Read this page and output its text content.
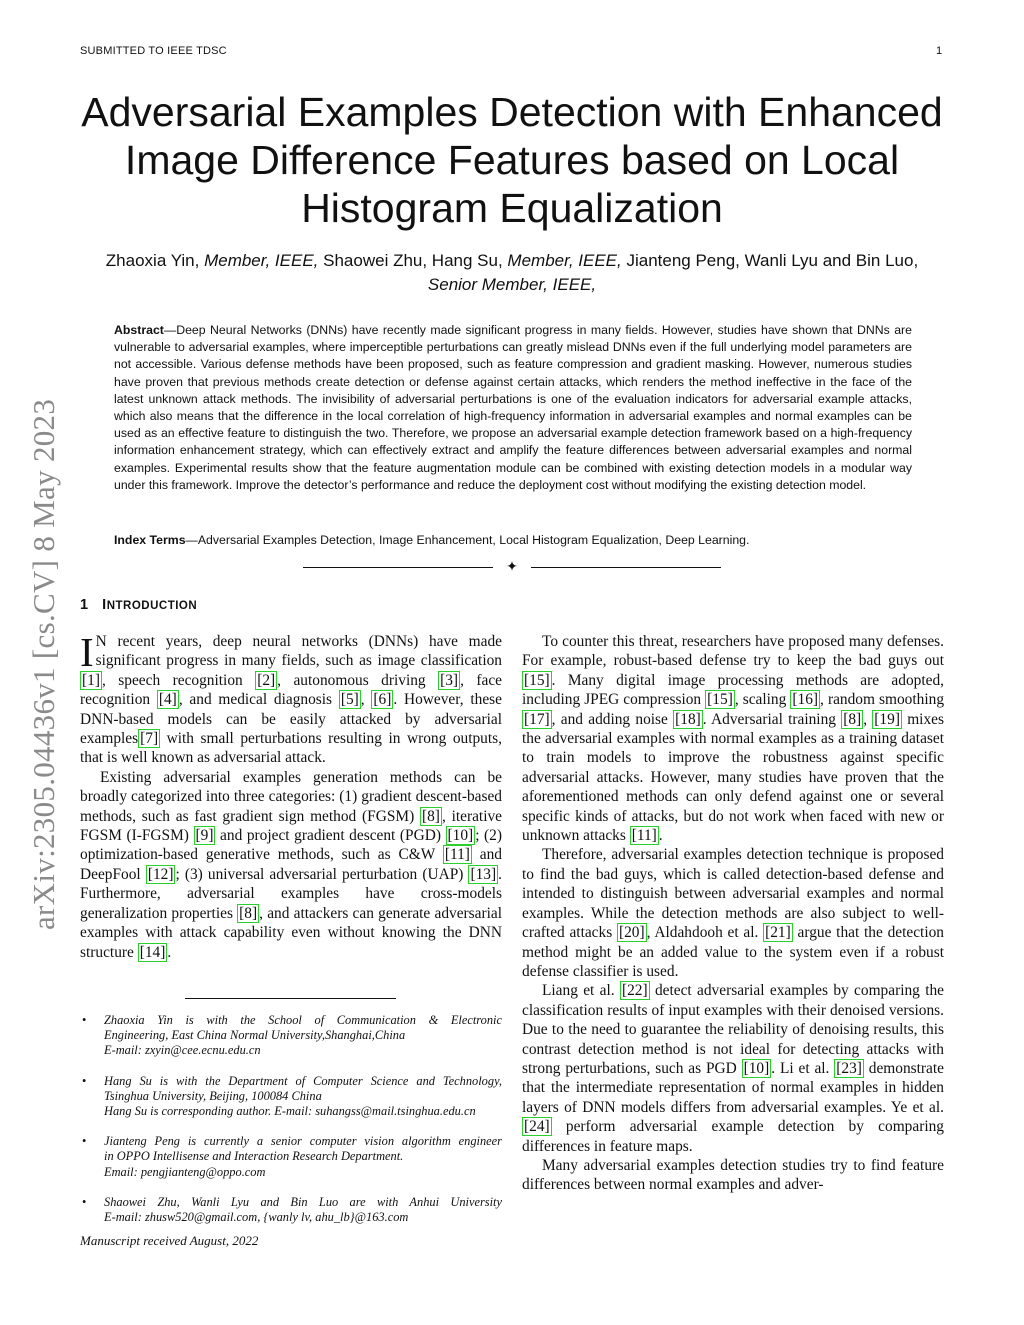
SUBMITTED TO IEEE TDSC	1
arXiv:2305.04436v1 [cs.CV] 8 May 2023
Adversarial Examples Detection with Enhanced Image Difference Features based on Local Histogram Equalization
Zhaoxia Yin, Member, IEEE, Shaowei Zhu, Hang Su, Member, IEEE, Jianteng Peng, Wanli Lyu and Bin Luo, Senior Member, IEEE,
Abstract—Deep Neural Networks (DNNs) have recently made significant progress in many fields. However, studies have shown that DNNs are vulnerable to adversarial examples, where imperceptible perturbations can greatly mislead DNNs even if the full underlying model parameters are not accessible. Various defense methods have been proposed, such as feature compression and gradient masking. However, numerous studies have proven that previous methods create detection or defense against certain attacks, which renders the method ineffective in the face of the latest unknown attack methods. The invisibility of adversarial perturbations is one of the evaluation indicators for adversarial example attacks, which also means that the difference in the local correlation of high-frequency information in adversarial examples and normal examples can be used as an effective feature to distinguish the two. Therefore, we propose an adversarial example detection framework based on a high-frequency information enhancement strategy, which can effectively extract and amplify the feature differences between adversarial examples and normal examples. Experimental results show that the feature augmentation module can be combined with existing detection models in a modular way under this framework. Improve the detector’s performance and reduce the deployment cost without modifying the existing detection model.
Index Terms—Adversarial Examples Detection, Image Enhancement, Local Histogram Equalization, Deep Learning.
✦
1 INTRODUCTION

I N recent years, deep neural networks (DNNs) have made significant progress in many fields, such as image classification [1] , speech recognition [2] , autonomous driving [3] , face recognition [4] , and medical diagnosis [5] , [6] . However, these DNN-based models can be easily attacked by adversarial examples [7] with small perturbations resulting in wrong outputs, that is well known as adversarial attack.

Existing adversarial examples generation methods can be broadly categorized into three categories: (1) gradient descent-based methods, such as fast gradient sign method (FGSM) [8] , iterative FGSM (I-FGSM) [9] and project gradient descent (PGD) [10] ; (2) optimization-based generative methods, such as C&W [11] and DeepFool [12] ; (3) universal adversarial perturbation (UAP) [13] . Furthermore, adversarial examples have cross-models generalization properties [8] , and attackers can generate adversarial examples with attack capability even without knowing the DNN structure [14] .

To counter this threat, researchers have proposed many defenses. For example, robust-based defense try to keep the bad guys out [15] . Many digital image processing methods are adopted, including JPEG compression [15] , scaling [16] , random smoothing [17] , and adding noise [18] . Adversarial training [8] , [19] mixes the adversarial examples with normal examples as a training dataset to train models to improve the robustness against specific adversarial attacks. However, many studies have proven that the aforementioned methods can only defend against one or several specific kinds of attacks, but do not work when faced with new or unknown attacks [11] .

Therefore, adversarial examples detection technique is proposed to find the bad guys, which is called detection-based defense and intended to distinguish between adversarial examples and normal examples. While the detection methods are also subject to well-crafted attacks [20] , Aldahdooh et al. [21] argue that the detection method might be an added value to the system even if a robust defense classifier is used.

Liang et al. [22] detect adversarial examples by comparing the classification results of input examples with their denoised versions. Due to the need to guarantee the reliability of denoising results, this contrast detection method is not ideal for detecting attacks with strong perturbations, such as PGD [10] . Li et al. [23] demonstrate that the intermediate representation of normal examples in hidden layers of DNN models differs from adversarial examples. Ye et al. [24] perform adversarial example detection by comparing differences in feature maps.

Many adversarial examples detection studies try to find feature differences between normal examples and adver-

• Zhaoxia Yin is with the School of Communication & Electronic
Engineering, East China Normal University,Shanghai,China
E-mail: zxyin@cee.ecnu.edu.cn
• Hang Su is with the Department of Computer Science and Technology,
Tsinghua University, Beijing, 100084 China
Hang Su is corresponding author. E-mail: suhangss@mail.tsinghua.edu.cn
• Jianteng Peng is currently a senior computer vision algorithm engineer
in OPPO Intellisense and Interaction Research Department.
Email: pengjianteng@oppo.com
• Shaowei Zhu, Wanli Lyu and Bin Luo are with Anhui University
E-mail: zhusw520@gmail.com, {wanly lv, ahu_lb}@163.com
Manuscript received August, 2022
